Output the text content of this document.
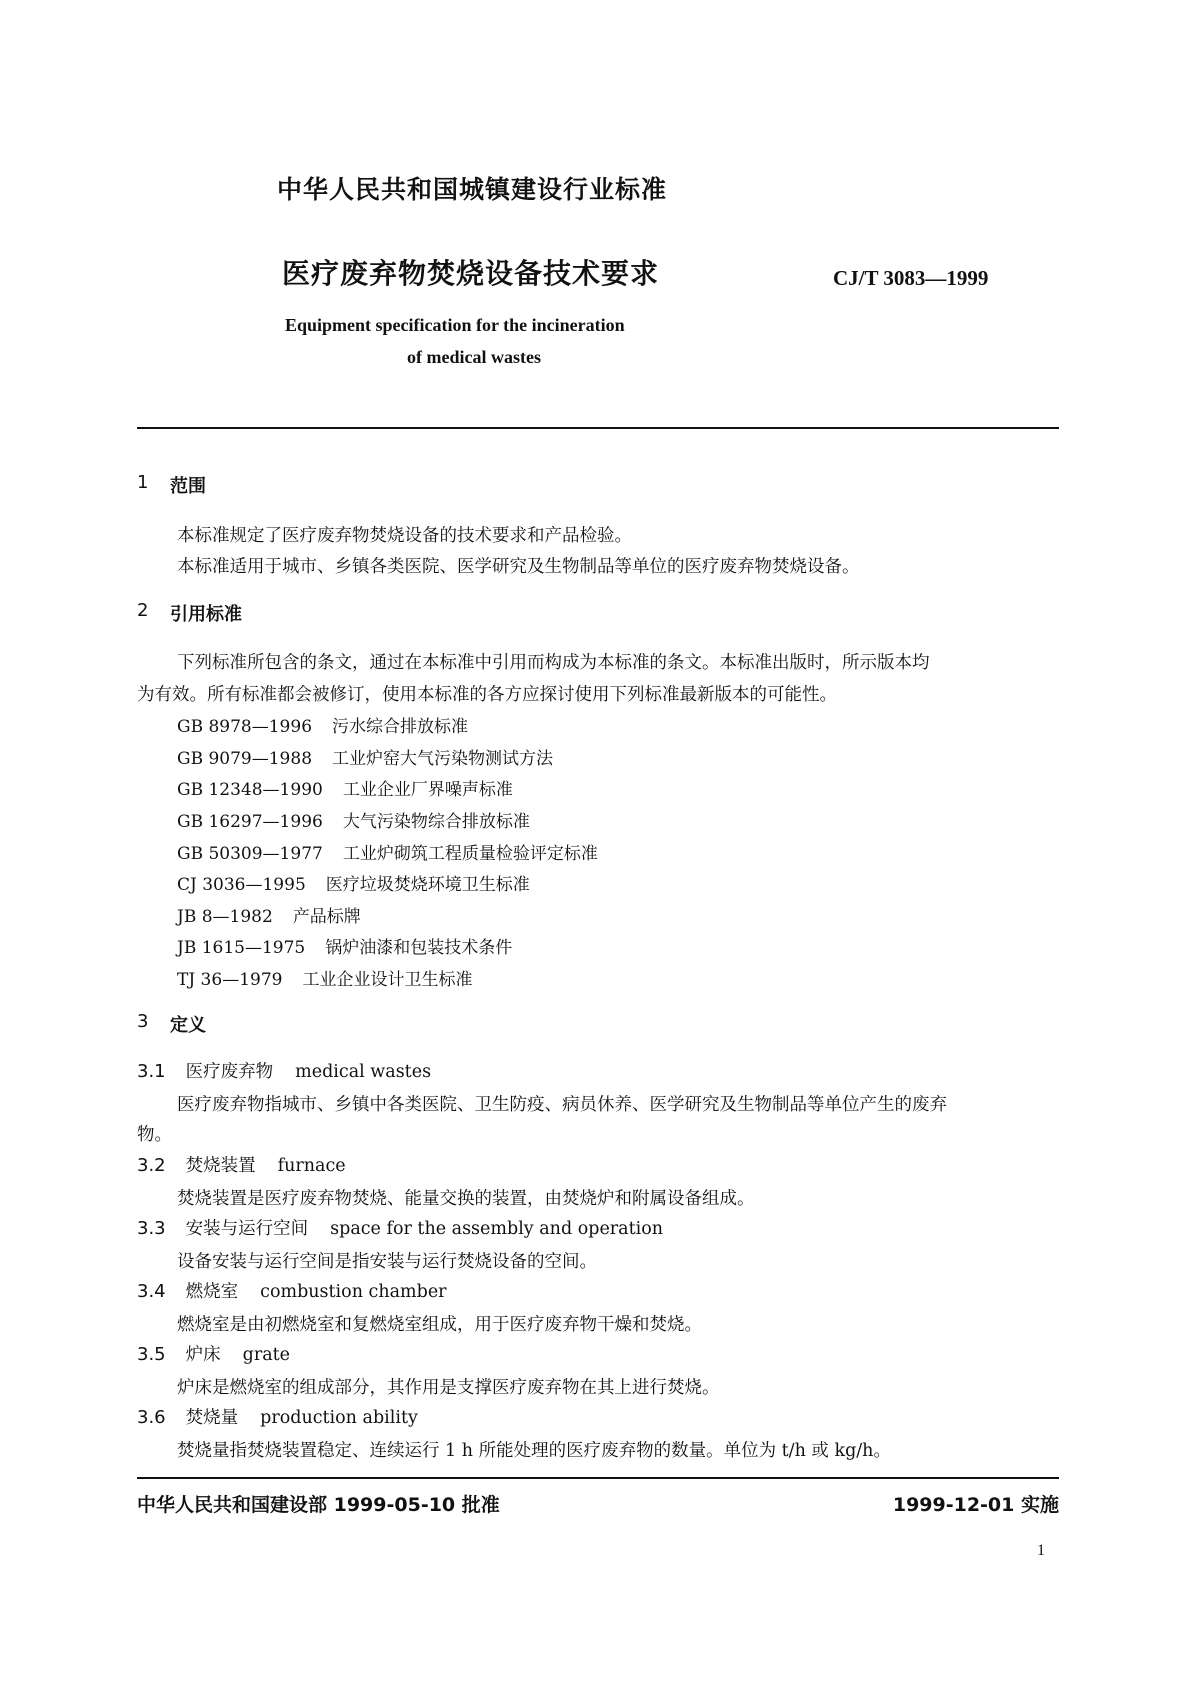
中华人民共和国城镇建设行业标准
医疗废弃物焚烧设备技术要求	CJ/T 3083—1999
Equipment specification for the incineration
of medical wastes
1 范围
本标准规定了医疗废弃物焚烧设备的技术要求和产品检验。
本标准适用于城市、乡镇各类医院、医学研究及生物制品等单位的医疗废弃物焚烧设备。
2 引用标准
下列标准所包含的条文，通过在本标准中引用而构成为本标准的条文。本标准出版时，所示版本均
为有效。所有标准都会被修订，使用本标准的各方应探讨使用下列标准最新版本的可能性。
GB 8978—1996 污水综合排放标准
GB 9079—1988 工业炉窑大气污染物测试方法
GB 12348—1990 工业企业厂界噪声标准
GB 16297—1996 大气污染物综合排放标准
GB 50309—1977 工业炉砌筑工程质量检验评定标准
CJ 3036—1995 医疗垃圾焚烧环境卫生标准
JB 8—1982 产品标牌
JB 1615—1975 锅炉油漆和包装技术条件
TJ 36—1979 工业企业设计卫生标准
3 定义
3.1 医疗废弃物 medical wastes
医疗废弃物指城市、乡镇中各类医院、卫生防疫、病员休养、医学研究及生物制品等单位产生的废弃
物。
3.2 焚烧装置 furnace
焚烧装置是医疗废弃物焚烧、能量交换的装置，由焚烧炉和附属设备组成。
3.3 安装与运行空间 space for the assembly and operation
设备安装与运行空间是指安装与运行焚烧设备的空间。
3.4 燃烧室 combustion chamber
燃烧室是由初燃烧室和复燃烧室组成，用于医疗废弃物干燥和焚烧。
3.5 炉床 grate
炉床是燃烧室的组成部分，其作用是支撑医疗废弃物在其上进行焚烧。
3.6 焚烧量 production ability
焚烧量指焚烧装置稳定、连续运行 1 h 所能处理的医疗废弃物的数量。单位为 t/h 或 kg/h。
中华人民共和国建设部 1999-05-10 批准	1999-12-01 实施
1
